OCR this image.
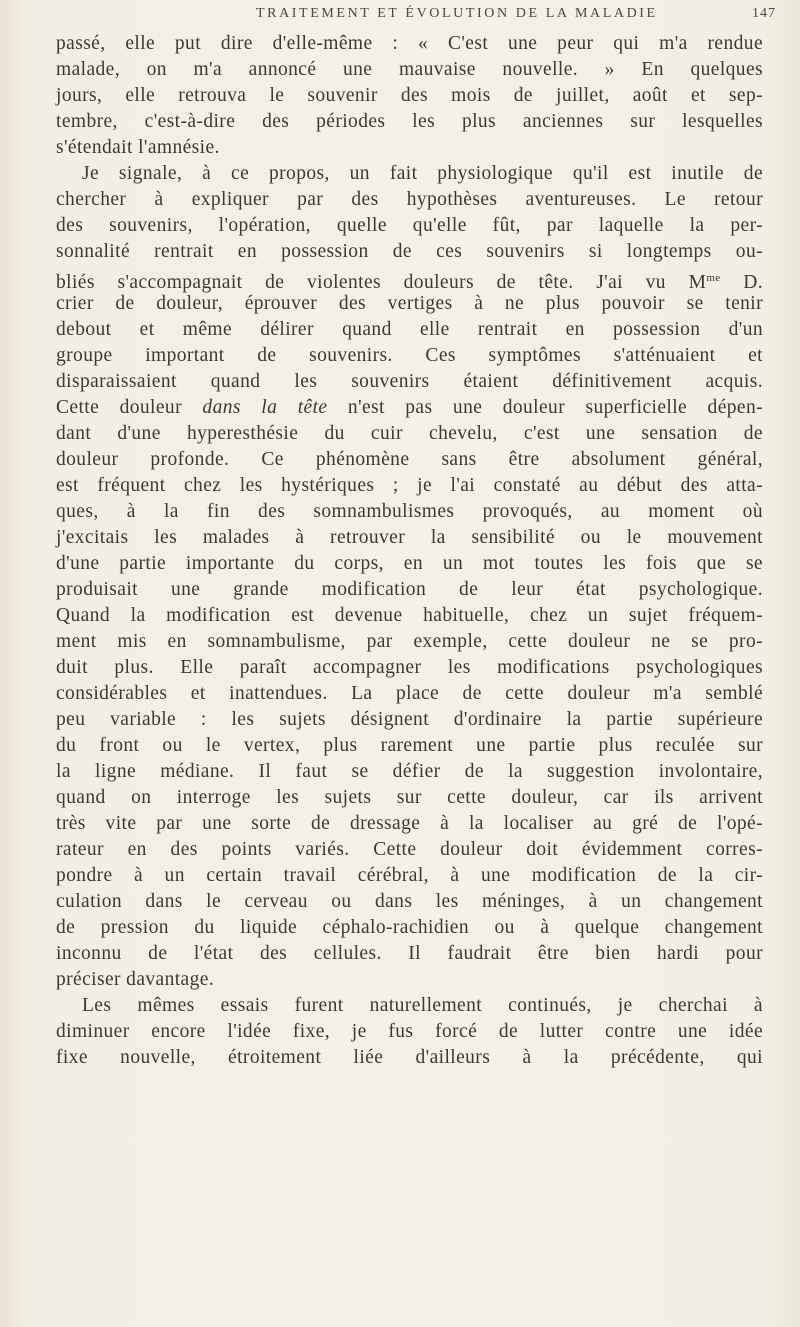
TRAITEMENT ET ÉVOLUTION DE LA MALADIE	147

passé, elle put dire d'elle-même : « C'est une peur qui m'a rendue

malade, on m'a annoncé une mauvaise nouvelle. » En quelques

jours, elle retrouva le souvenir des mois de juillet, août et sep-

tembre, c'est-à-dire des périodes les plus anciennes sur lesquelles

s'étendait l'amnésie.

Je signale, à ce propos, un fait physiologique qu'il est inutile de

chercher à expliquer par des hypothèses aventureuses. Le retour

des souvenirs, l'opération, quelle qu'elle fût, par laquelle la per-

sonnalité rentrait en possession de ces souvenirs si longtemps ou-

bliés s'accompagnait de violentes douleurs de tête. J'ai vu $M^{me}$ D.

crier de douleur, éprouver des vertiges à ne plus pouvoir se tenir

debout et même délirer quand elle rentrait en possession d'un

groupe important de souvenirs. Ces symptômes s'atténuaient et

disparaissaient quand les souvenirs étaient définitivement acquis.

Cette douleur dans la tête n'est pas une douleur superficielle dépen-

dant d'une hyperesthésie du cuir chevelu, c'est une sensation de

douleur profonde. Ce phénomène sans être absolument général,

est fréquent chez les hystériques ; je l'ai constaté au début des atta-

ques, à la fin des somnambulismes provoqués, au moment où

j'excitais les malades à retrouver la sensibilité ou le mouvement

d'une partie importante du corps, en un mot toutes les fois que se

produisait une grande modification de leur état psychologique.

Quand la modification est devenue habituelle, chez un sujet fréquem-

ment mis en somnambulisme, par exemple, cette douleur ne se pro-

duit plus. Elle paraît accompagner les modifications psychologiques

considérables et inattendues. La place de cette douleur m'a semblé

peu variable : les sujets désignent d'ordinaire la partie supérieure

du front ou le vertex, plus rarement une partie plus reculée sur

la ligne médiane. Il faut se défier de la suggestion involontaire,

quand on interroge les sujets sur cette douleur, car ils arrivent

très vite par une sorte de dressage à la localiser au gré de l'opé-

rateur en des points variés. Cette douleur doit évidemment corres-

pondre à un certain travail cérébral, à une modification de la cir-

culation dans le cerveau ou dans les méninges, à un changement

de pression du liquide céphalo-rachidien ou à quelque changement

inconnu de l'état des cellules. Il faudrait être bien hardi pour

préciser davantage.

Les mêmes essais furent naturellement continués, je cherchai à

diminuer encore l'idée fixe, je fus forcé de lutter contre une idée

fixe nouvelle, étroitement liée d'ailleurs à la précédente, qui
